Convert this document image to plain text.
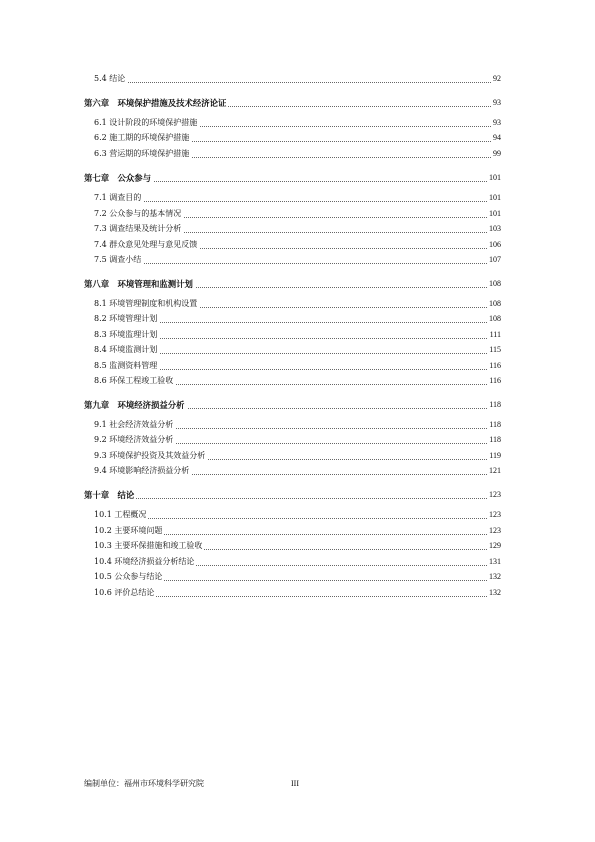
5.4 结论	92
第六章　环境保护措施及技术经济论证	93
6.1 设计阶段的环境保护措施	93
6.2 施工期的环境保护措施	94
6.3 营运期的环境保护措施	99
第七章　公众参与	101
7.1 调查目的	101
7.2 公众参与的基本情况	101
7.3 调查结果及统计分析	103
7.4 群众意见处理与意见反馈	106
7.5 调查小结	107
第八章　环境管理和监测计划	108
8.1 环境管理制度和机构设置	108
8.2 环境管理计划	108
8.3 环境监理计划	111
8.4 环境监测计划	115
8.5 监测资料管理	116
8.6 环保工程竣工验收	116
第九章　环境经济损益分析	118
9.1 社会经济效益分析	118
9.2 环境经济效益分析	118
9.3 环境保护投资及其效益分析	119
9.4 环境影响经济损益分析	121
第十章　结论	123
10.1 工程概况	123
10.2 主要环境问题	123
10.3 主要环保措施和竣工验收	129
10.4 环境经济损益分析结论	131
10.5 公众参与结论	132
10.6 评价总结论	132
编制单位：福州市环境科学研究院	III
